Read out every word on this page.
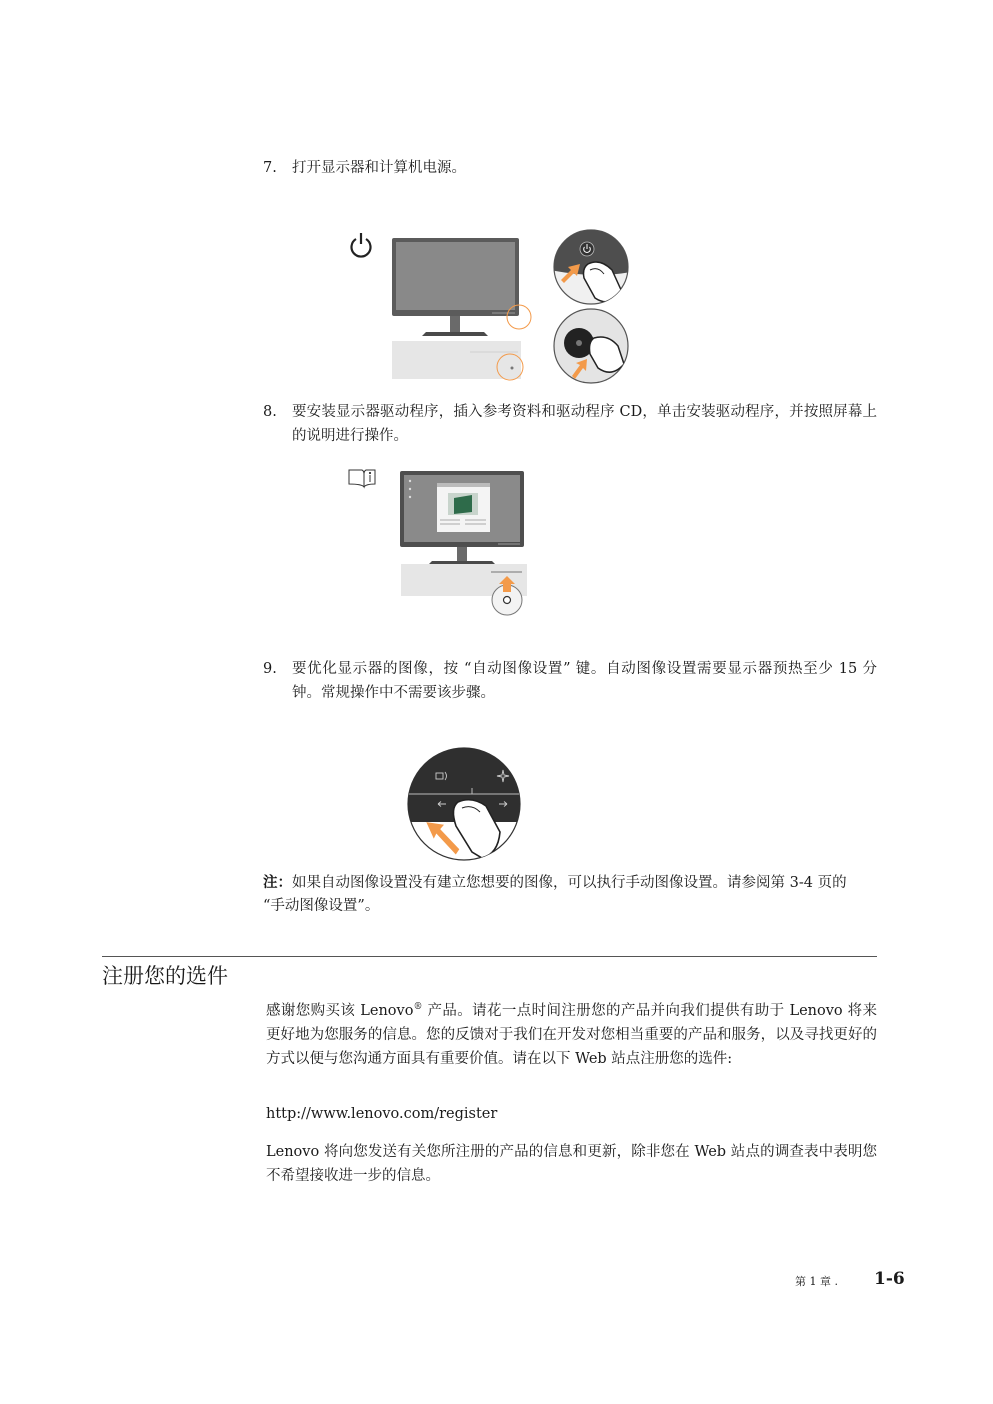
7. 打开显示器和计算机电源。
8. 要安装显示器驱动程序，插入参考资料和驱动程序 CD，单击安装驱动程序，并按照屏幕上的说明进行操作。
9. 要优化显示器的图像，按 “自动图像设置” 键。自动图像设置需要显示器预热至少 15 分钟。常规操作中不需要该步骤。
注：如果自动图像设置没有建立您想要的图像，可以执行手动图像设置。请参阅第 3-4 页的 “手动图像设置”。
注册您的选件
感谢您购买该 Lenovo® 产品。请花一点时间注册您的产品并向我们提供有助于 Lenovo 将来更好地为您服务的信息。您的反馈对于我们在开发对您相当重要的产品和服务，以及寻找更好的方式以便与您沟通方面具有重要价值。请在以下 Web 站点注册您的选件:
http://www.lenovo.com/register
Lenovo 将向您发送有关您所注册的产品的信息和更新，除非您在 Web 站点的调查表中表明您不希望接收进一步的信息。
第 1 章 . 1-6
